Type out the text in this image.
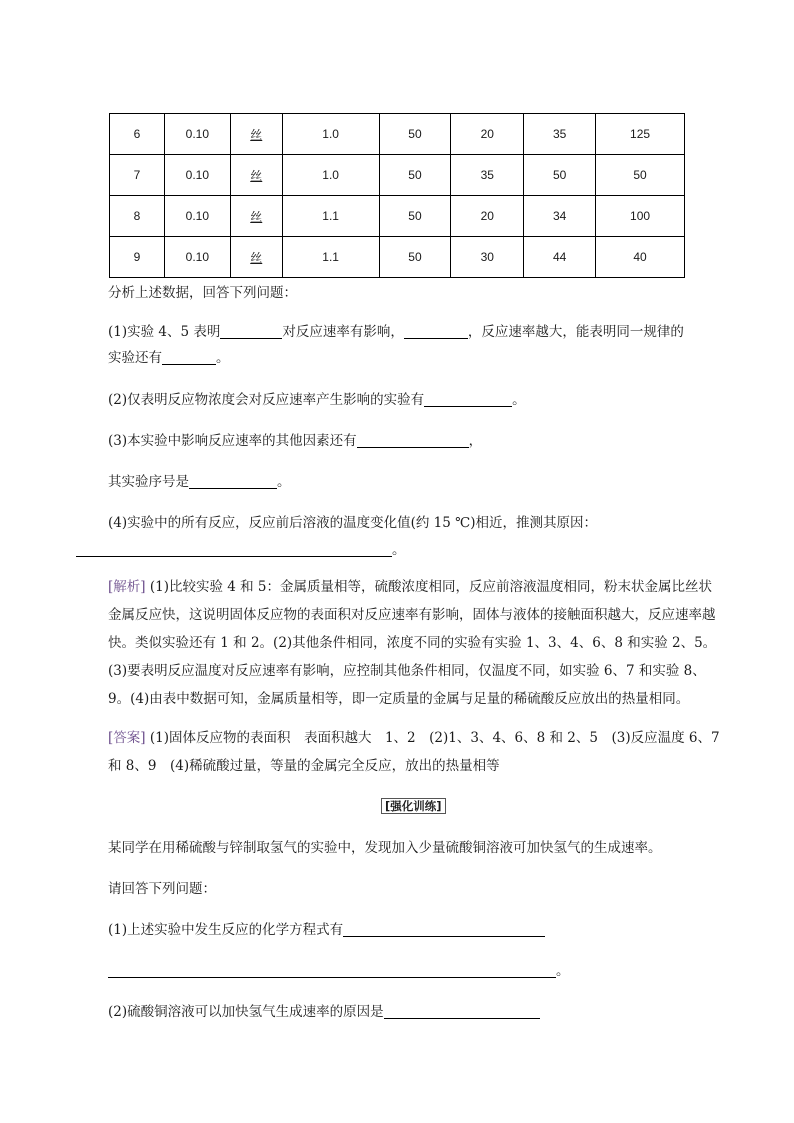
6	0.10	丝	1.0	50	20	35	125
7	0.10	丝	1.0	50	35	50	50
8	0.10	丝	1.1	50	20	34	100
9	0.10	丝	1.1	50	30	44	40
分析上述数据，回答下列问题：
(1)实验 4、5 表明	对反应速率有影响，	，反应速率越大，能表明同一规律的
实验还有	。
(2)仅表明反应物浓度会对反应速率产生影响的实验有	。
(3)本实验中影响反应速率的其他因素还有	，
其实验序号是	。
(4)实验中的所有反应，反应前后溶液的温度变化值(约 15 ℃)相近，推测其原因：
。
[解析] (1)比较实验 4 和 5：金属质量相等，硫酸浓度相同，反应前溶液温度相同，粉末状金属比丝状金属反应快，这说明固体反应物的表面积对反应速率有影响，固体与液体的接触面积越大，反应速率越快。类似实验还有 1 和 2。(2)其他条件相同，浓度不同的实验有实验 1、3、4、6、8 和实验 2、5。(3)要表明反应温度对反应速率有影响，应控制其他条件相同，仅温度不同，如实验 6、7 和实验 8、9。(4)由表中数据可知，金属质量相等，即一定质量的金属与足量的稀硫酸反应放出的热量相同。
[答案] (1)固体反应物的表面积　表面积越大　1、2　(2)1、3、4、6、8 和 2、5　(3)反应温度 6、7 和 8、9　(4)稀硫酸过量，等量的金属完全反应，放出的热量相等
[强化训练]
某同学在用稀硫酸与锌制取氢气的实验中，发现加入少量硫酸铜溶液可加快氢气的生成速率。
请回答下列问题：
(1)上述实验中发生反应的化学方程式有
。
(2)硫酸铜溶液可以加快氢气生成速率的原因是
